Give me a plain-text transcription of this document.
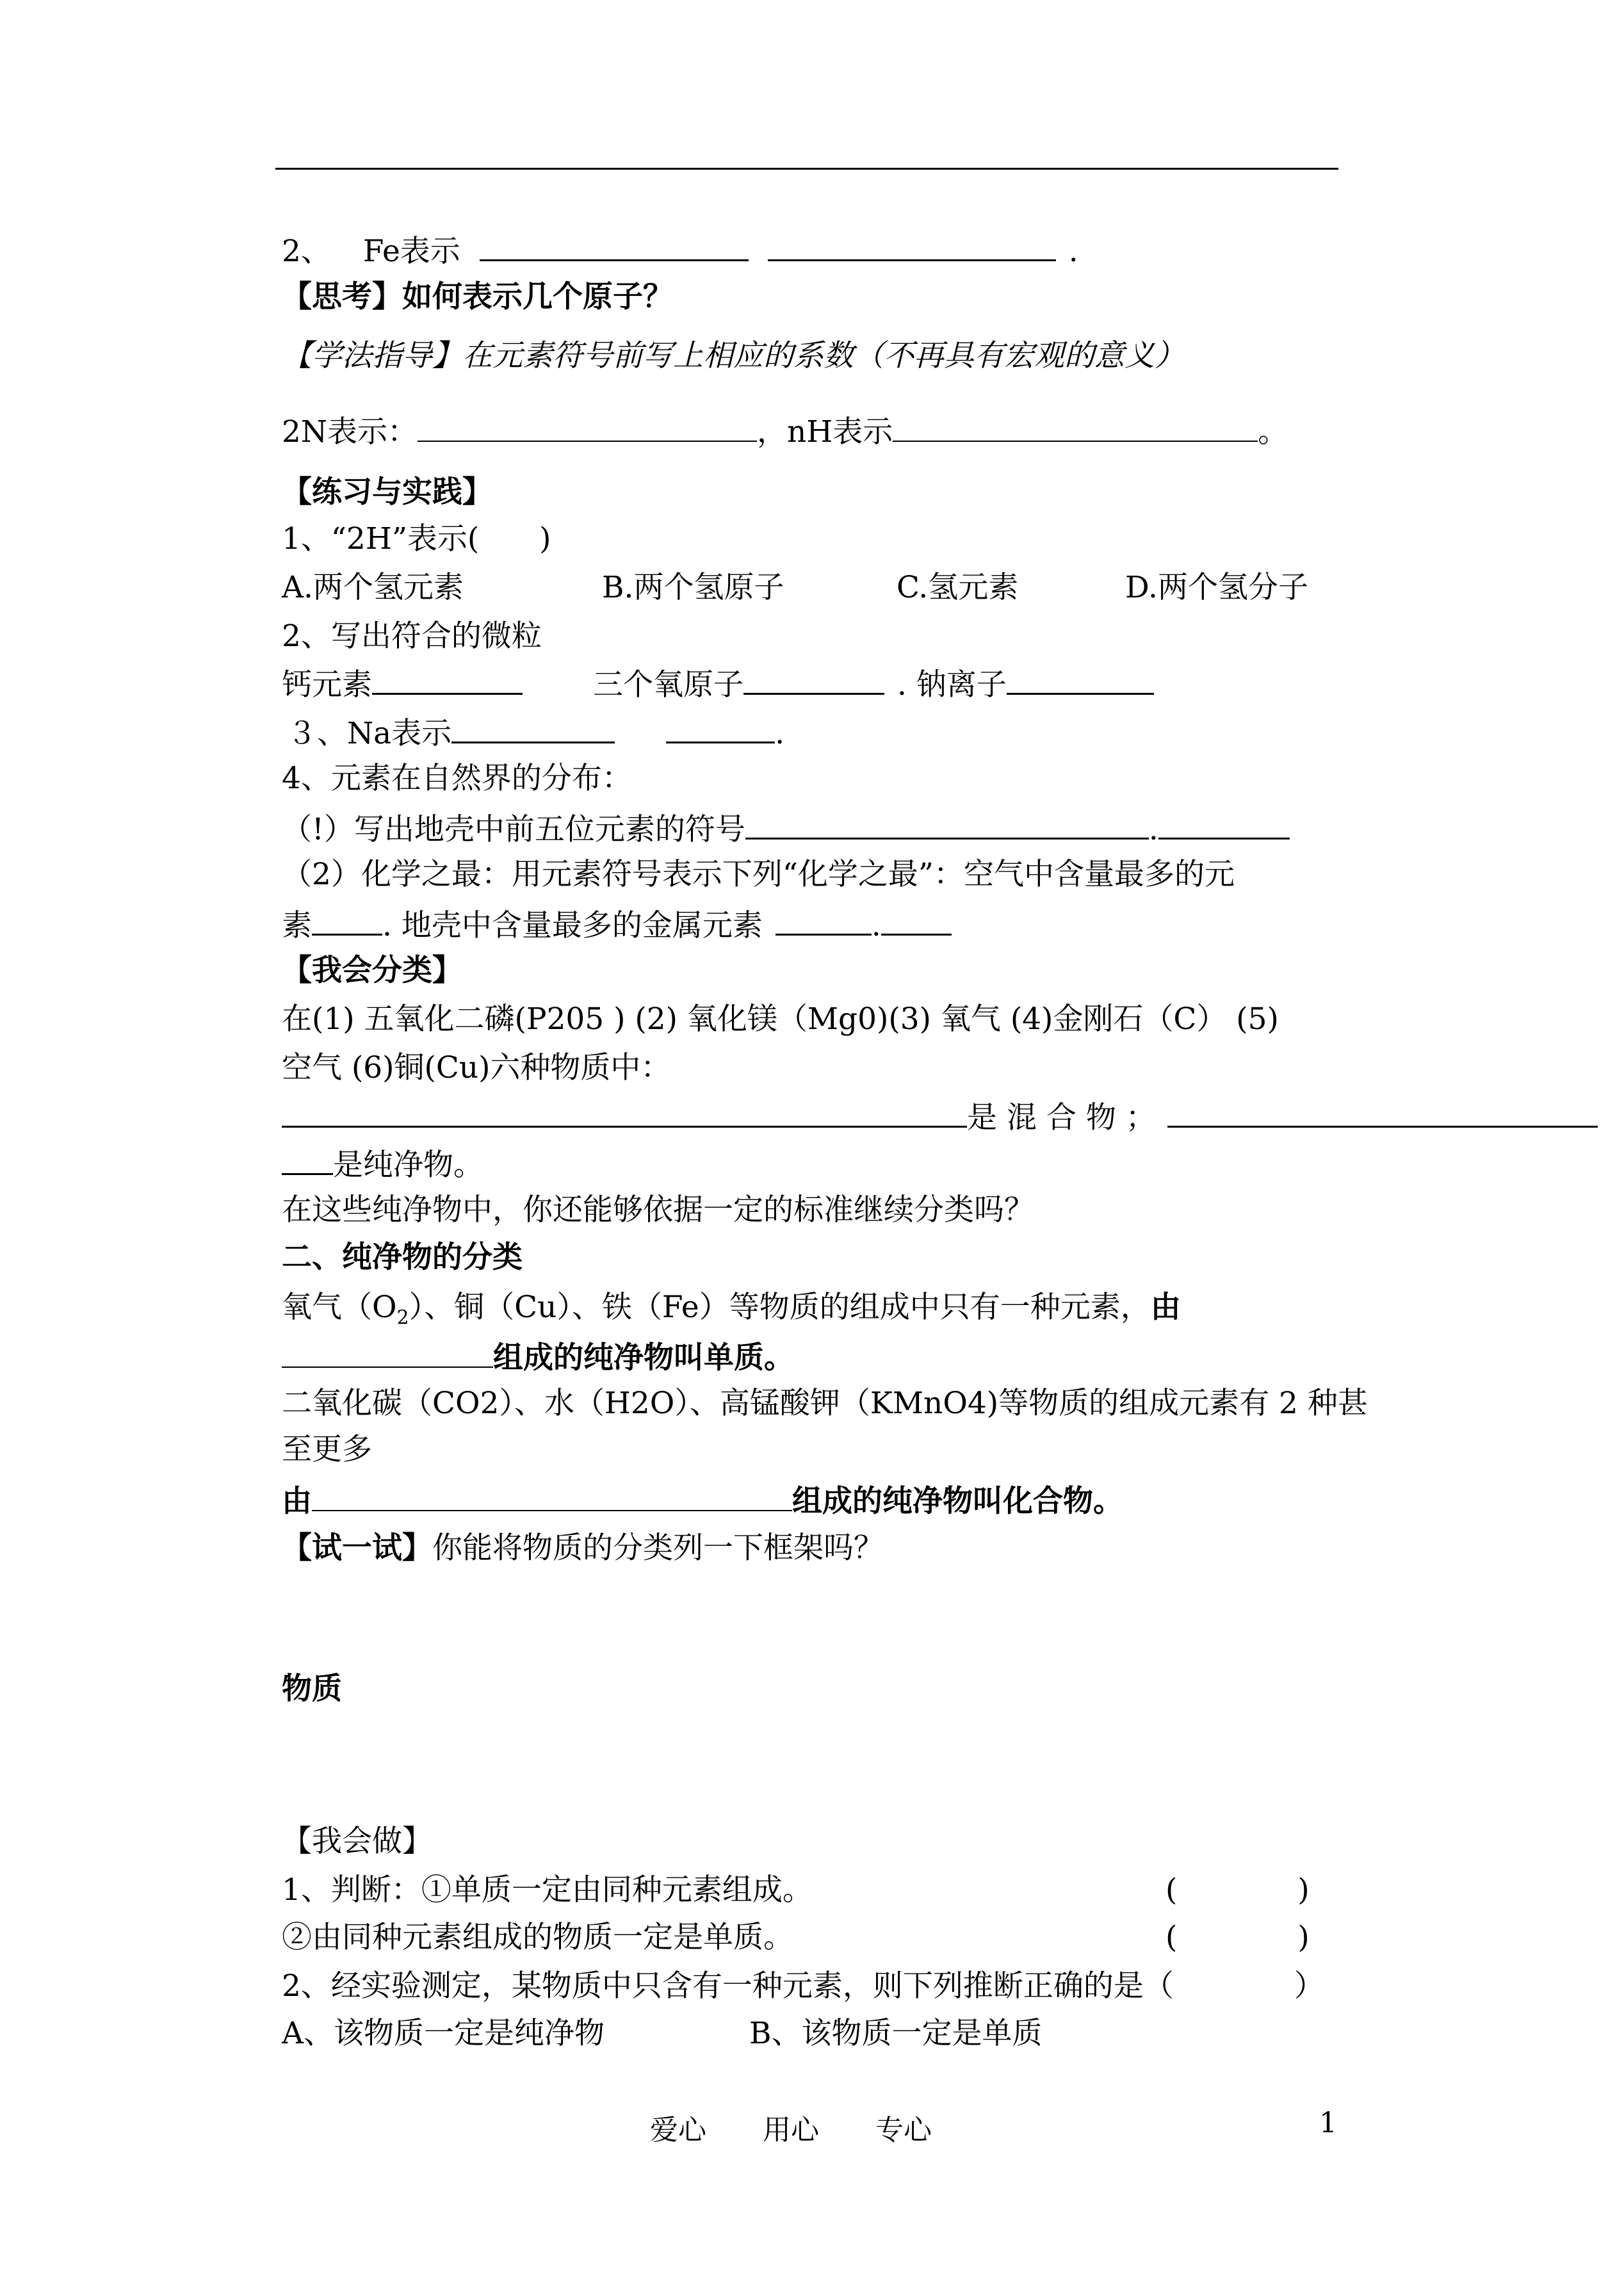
2、 Fe表示	.
【思考】如何表示几个原子？
【学法指导】在元素符号前写上相应的系数（不再具有宏观的意义）
2N表示：	，nH表示	。
【练习与实践】
1、“2H”表示(　　)
A.两个氢元素	B.两个氢原子	C.氢元素	D.两个氢分子
2、写出符合的微粒
钙元素	三个氧原子	. 钠离子
３、Na表示	.
4、元素在自然界的分布：
（!）写出地壳中前五位元素的符号	.
（2）化学之最：用元素符号表示下列“化学之最”：空气中含量最多的元
素 . 地壳中含量最多的金属元素	.
【我会分类】
在(1) 五氧化二磷(P205 ) (2) 氧化镁（Mg0)(3) 氧气 (4)金刚石（C） (5)
空气 (6)铜(Cu)六种物质中：
是 混 合 物 ；
是纯净物。
在这些纯净物中，你还能够依据一定的标准继续分类吗？
二、纯净物的分类
氧气$(O_2)$、铜（Cu）、铁（Fe）等物质的组成中只有一种元素，由
组成的纯净物叫单质。
二氧化碳（CO2）、水（H2O）、高锰酸钾（KMnO4)等物质的组成元素有 2 种甚
至更多
由	组成的纯净物叫化合物。
【试一试】你能将物质的分类列一下框架吗？
物质
【我会做】
1、判断：①单质一定由同种元素组成。	(　　　　)
②由同种元素组成的物质一定是单质。	(　　　　)
2、经实验测定，某物质中只含有一种元素，则下列推断正确的是（　　　　）
A、该物质一定是纯净物	B、该物质一定是单质
爱心　　用心　　专心	1
